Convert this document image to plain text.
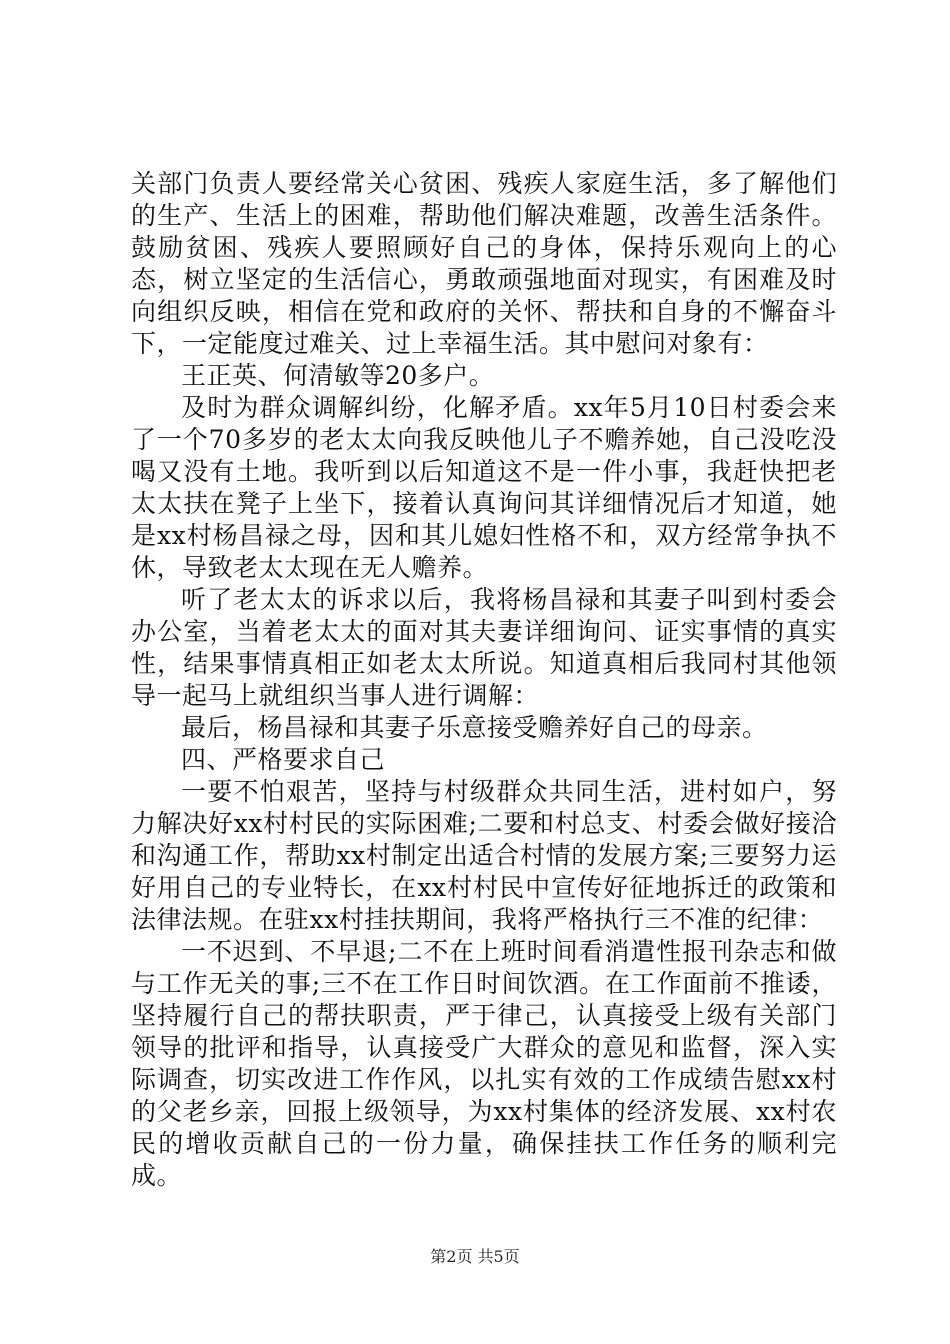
关部门负责人要经常关心贫困、残疾人家庭生活，多了解他们的生产、生活上的困难，帮助他们解决难题，改善生活条件。鼓励贫困、残疾人要照顾好自己的身体，保持乐观向上的心态，树立坚定的生活信心，勇敢顽强地面对现实，有困难及时向组织反映，相信在党和政府的关怀、帮扶和自身的不懈奋斗下，一定能度过难关、过上幸福生活。其中慰问对象有：

王正英、何清敏等20多户。

及时为群众调解纠纷，化解矛盾。xx年5月10日村委会来了一个70多岁的老太太向我反映他儿子不赡养她，自己没吃没喝又没有土地。我听到以后知道这不是一件小事，我赶快把老太太扶在凳子上坐下，接着认真询问其详细情况后才知道，她是xx村杨昌禄之母，因和其儿媳妇性格不和，双方经常争执不休，导致老太太现在无人赡养。

听了老太太的诉求以后，我将杨昌禄和其妻子叫到村委会办公室，当着老太太的面对其夫妻详细询问、证实事情的真实性，结果事情真相正如老太太所说。知道真相后我同村其他领导一起马上就组织当事人进行调解：

最后，杨昌禄和其妻子乐意接受赡养好自己的母亲。

四、严格要求自己

一要不怕艰苦，坚持与村级群众共同生活，进村如户，努力解决好xx村村民的实际困难;二要和村总支、村委会做好接洽和沟通工作，帮助xx村制定出适合村情的发展方案;三要努力运好用自己的专业特长，在xx村村民中宣传好征地拆迁的政策和法律法规。在驻xx村挂扶期间，我将严格执行三不准的纪律：

一不迟到、不早退;二不在上班时间看消遣性报刊杂志和做与工作无关的事;三不在工作日时间饮酒。在工作面前不推诿，坚持履行自己的帮扶职责，严于律己，认真接受上级有关部门领导的批评和指导，认真接受广大群众的意见和监督，深入实际调查，切实改进工作作风，以扎实有效的工作成绩告慰xx村的父老乡亲，回报上级领导，为xx村集体的经济发展、xx村农民的增收贡献自己的一份力量，确保挂扶工作任务的顺利完成。

第2页 共5页
